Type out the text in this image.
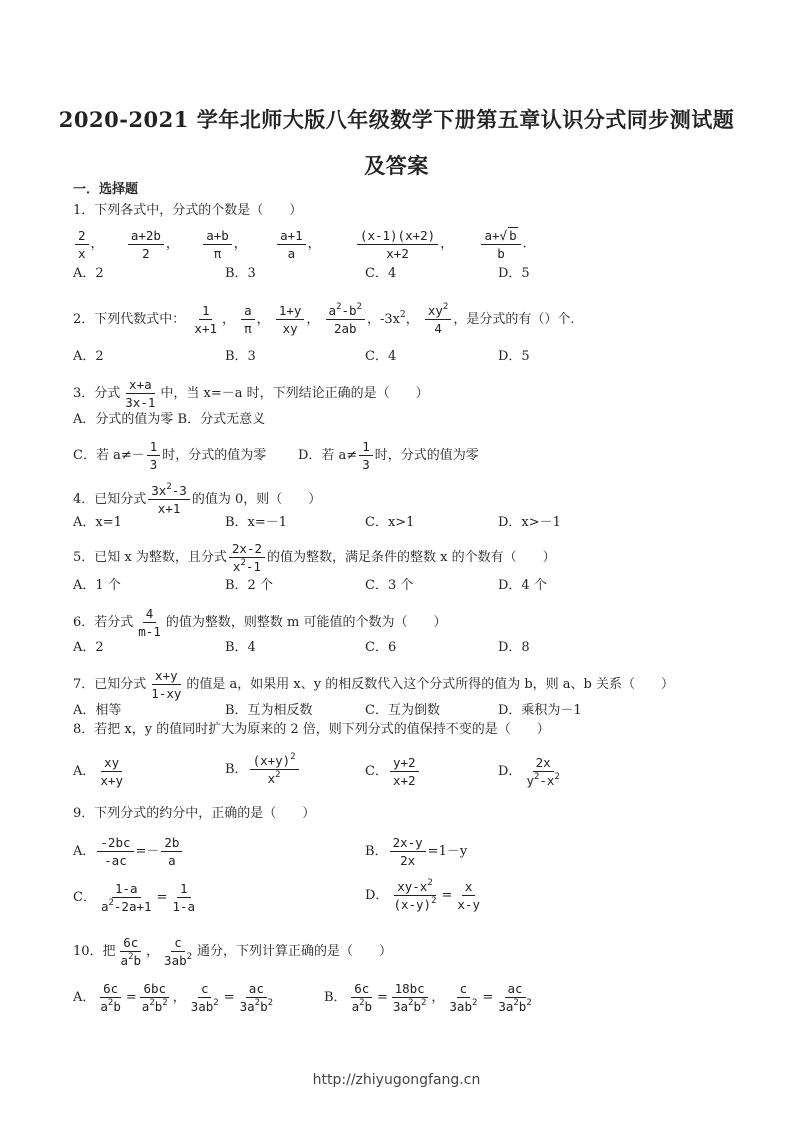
2020-2021 学年北师大版八年级数学下册第五章认识分式同步测试题
及答案
一．选择题
1．下列各式中，分式的个数是（　　）
$\frac{2}{x}$ ， $\frac{a+2b}{2}$ ， $\frac{a+b}{\pi}$ ， $\frac{a+1}{a}$ ，	$\frac{(x-1)(x+2)}{x+2}$ ， $\frac{a+√ b}{b}$ .
A．2	B．3	C．4	D．5
2．下列代数式中： $\frac{1}{x+1}$ ， $\frac{a}{\pi}$ ， $\frac{1+y}{xy}$ ， $\frac{a^2-b^2}{2ab}$ ，$-3x^2$， $\frac{xy^2}{4}$ ，是分式的有（）个.
A．2	B．3	C．4	D．5
3．分式 $\frac{x+a}{3x-1}$ 中，当 x=－a 时，下列结论正确的是（　　）
A．分式的值为零 B．分式无意义
C．若 $a\ne- \frac{1}{3}$ 时，分式的值为零 D．若 $a\ne \frac{1}{3}$ 时，分式的值为零
4．已知分式 $\frac{3x^2-3}{x+1}$ 的值为 0，则（　　）
A．x=1	B．x=－1	C．x>1	D．x>－1
5．已知 x 为整数，且分式 $\frac{2x-2}{x^2-1}$ 的值为整数，满足条件的整数 x 的个数有（　　）
A．1 个	B．2 个	C．3 个	D．4 个
6．若分式 $\frac{4}{m-1}$ 的值为整数，则整数 m 可能值的个数为（　　）
A．2	B．4	C．6	D．8
7．已知分式 $\frac{x+y}{1-xy}$ 的值是 a，如果用 x、y 的相反数代入这个分式所得的值为 b，则 a、b 关系（　　）
A．相等	B．互为相反数	C．互为倒数	D．乘积为－1
8．若把 x，y 的值同时扩大为原来的 2 倍，则下列分式的值保持不变的是（　　）
A． $\frac{xy}{x+y}$	B． $\frac{(x+y)^2}{x^2}$	C． $\frac{y+2}{x+2}$	D． $\frac{2x}{y^2-x^2}$
9．下列分式的约分中，正确的是（　　）
A． $\frac{-2bc}{-ac} =- \frac{2b}{a}$	B． $\frac{2x-y}{2x} =1-y$
C． $\frac{1-a}{a^2-2a+1} = \frac{1}{1-a}$	D． $\frac{xy-x^2}{(x-y)^2} = \frac{x}{x-y}$
10．把 $\frac{6c}{a^2b}$ ， $\frac{c}{3ab^2}$ 通分，下列计算正确的是（　　）
A． $\frac{6c}{a^2b} = \frac{6bc}{a^2b^2}$ ， $\frac{c}{3ab^2} = \frac{ac}{3a^2b^2}$	B． $\frac{6c}{a^2b} = \frac{18bc}{3a^2b^2}$ ， $\frac{c}{3ab^2} = \frac{ac}{3a^2b^2}$
http://zhiyugongfang.cn
